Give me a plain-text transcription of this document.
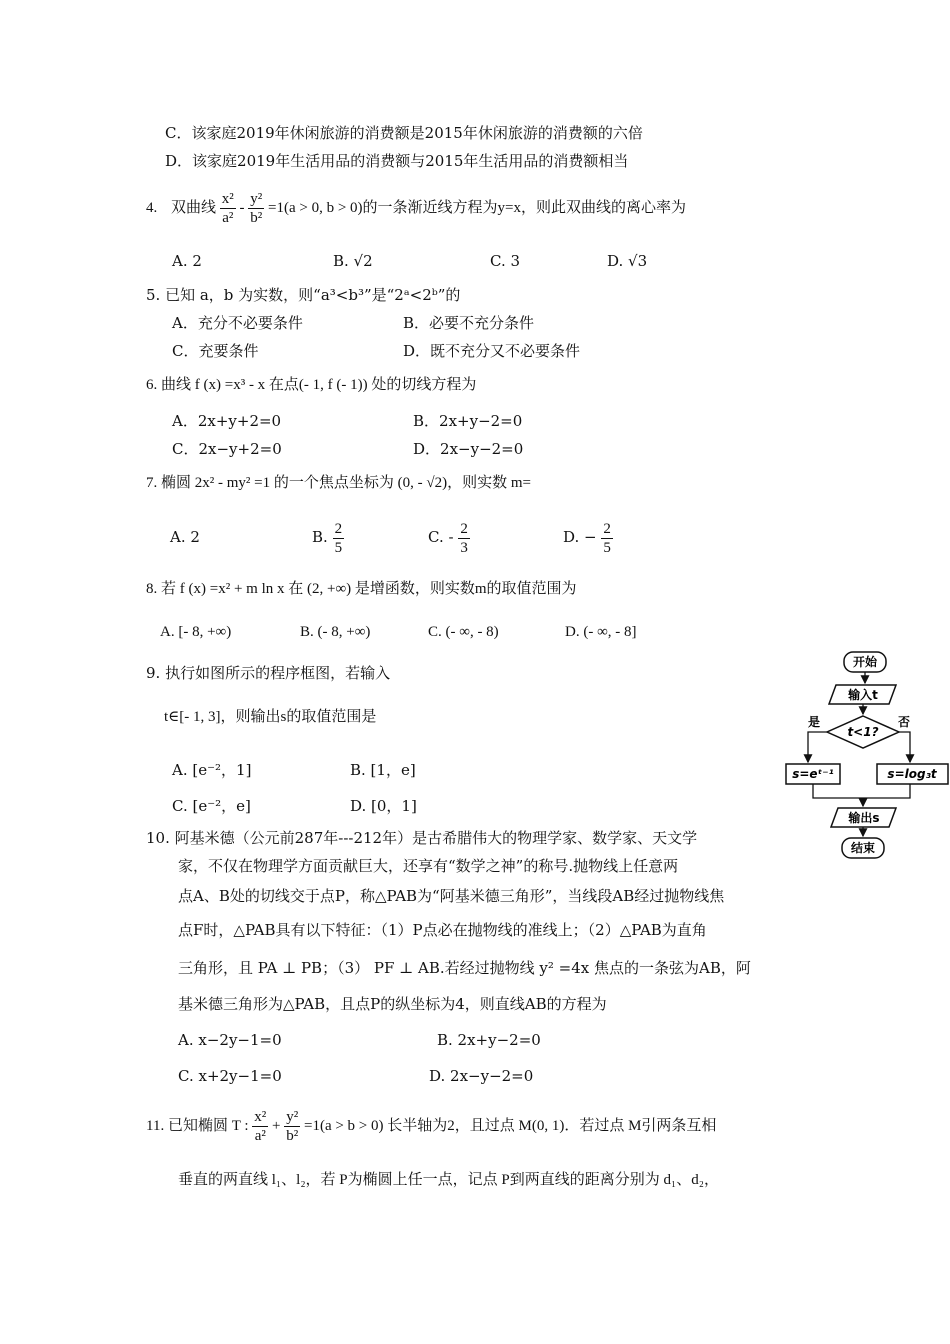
C．该家庭2019年休闲旅游的消费额是2015年休闲旅游的消费额的六倍
D．该家庭2019年生活用品的消费额与2015年生活用品的消费额相当
4. 双曲线 $\frac{\text{x²}}{\text{a²}} - \frac{\text{y²}}{\text{b²}} =1(a > 0$, b > 0)的一条渐近线方程为y=x，则此双曲线的离心率为
A. 2	B. √2	C. 3	D. √3
5. 已知 a，b 为实数，则“a³<b³”是“2ᵃ<2ᵇ”的
A．充分不必要条件	B．必要不充分条件
C．充要条件	D．既不充分又不必要条件
6. 曲线 f (x) =x³ - x 在点(- 1, f (- 1)) 处的切线方程为
A．2x+y+2=0	B．2x+y−2=0
C．2x−y+2=0	D．2x−y−2=0
7. 椭圆 2x² - my² =1 的一个焦点坐标为 (0, - √2)，则实数 m=
A. 2	B. $\frac{2}{5}$	C. - $\frac{2}{3}$	D. − $\frac{2}{5}$
8. 若 f (x) =x² + m ln x 在 (2, +∞) 是增函数，则实数m的取值范围为
A. [- 8, +∞)	B. (- 8, +∞)	C. (- ∞, - 8)	D. (- ∞, - 8]
9. 执行如图所示的程序框图，若输入
t∈[- 1, 3]，则输出s的取值范围是
A. [e⁻²，1]	B. [1，e]
C. [e⁻²，e]	D. [0，1]
开始
输入t
t<1?
是	否
s=eᵗ⁻¹	s=log₃t
输出s
结束
10. 阿基米德（公元前287年---212年）是古希腊伟大的物理学家、数学家、天文学
家，不仅在物理学方面贡献巨大，还享有“数学之神”的称号.抛物线上任意两
点A、B处的切线交于点P，称△PAB为“阿基米德三角形”，当线段AB经过抛物线焦
点F时，△PAB具有以下特征：（1）P点必在抛物线的准线上；（2）△PAB为直角
三角形，且 PA ⊥ PB；（3） PF ⊥ AB.若经过抛物线 y² =4x 焦点的一条弦为AB，阿
基米德三角形为△PAB，且点P的纵坐标为4，则直线AB的方程为
A. x−2y−1=0	B. 2x+y−2=0
C. x+2y−1=0	D. 2x−y−2=0
11. 已知椭圆 T : $\frac{\text{x²}}{\text{a²}} + \frac{\text{y²}}{\text{b²}} =1(a > b > 0)$ 长半轴为2，且过点 M(0, 1)．若过点 M引两条互相
垂直的两直线 l₁、l₂，若 P为椭圆上任一点，记点 P到两直线的距离分别为 d₁、d₂，
